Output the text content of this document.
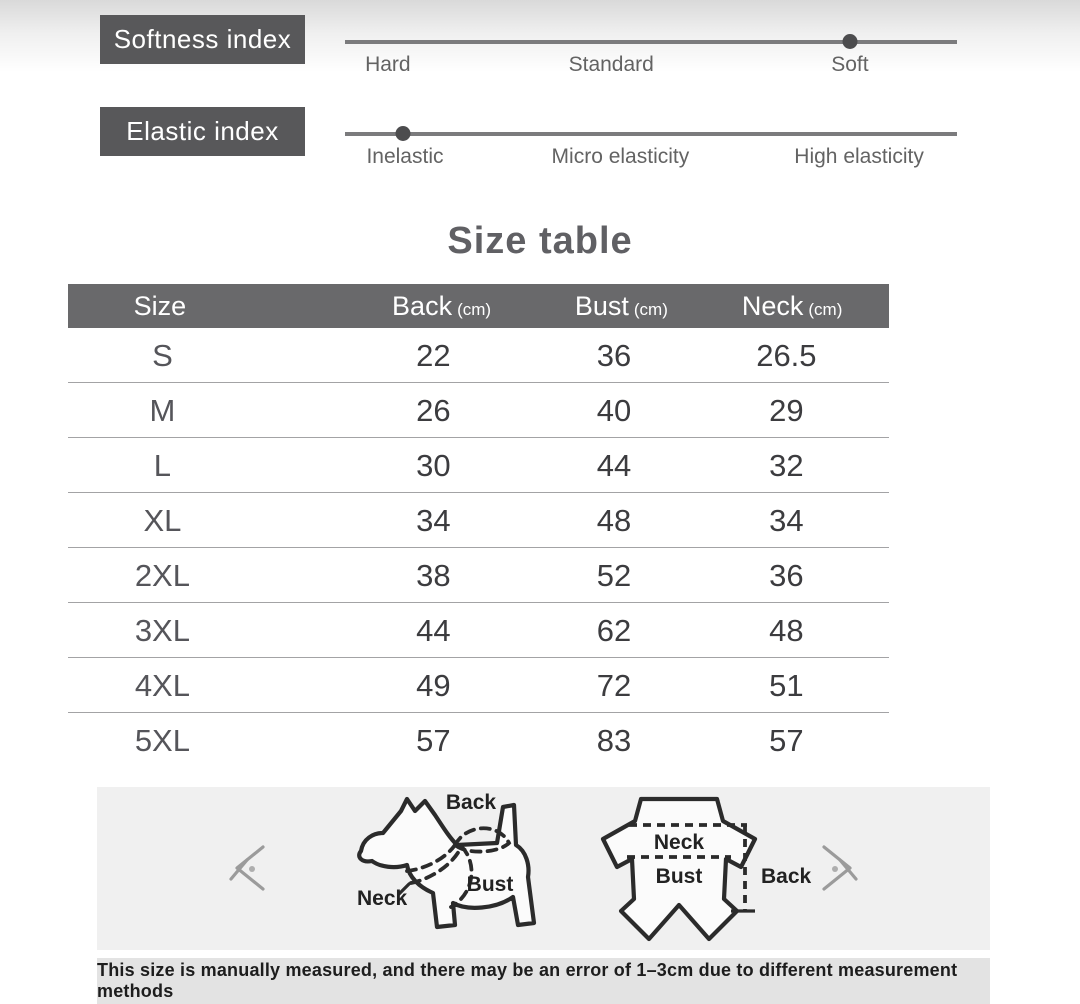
Softness index
Hard	Standard	Soft
Elastic index
Inelastic	Micro elasticity	High elasticity
Size table
Size	Back (cm)	Bust (cm)	Neck (cm)
S	22	36	26.5
M	26	40	29
L	30	44	32
XL	34	48	34
2XL	38	52	36
3XL	44	62	48
4XL	49	72	51
5XL	57	83	57
Back
Neck
Bust
Neck
Bust	Back
This size is manually measured, and there may be an error of 1–3cm due to different measurement methods
